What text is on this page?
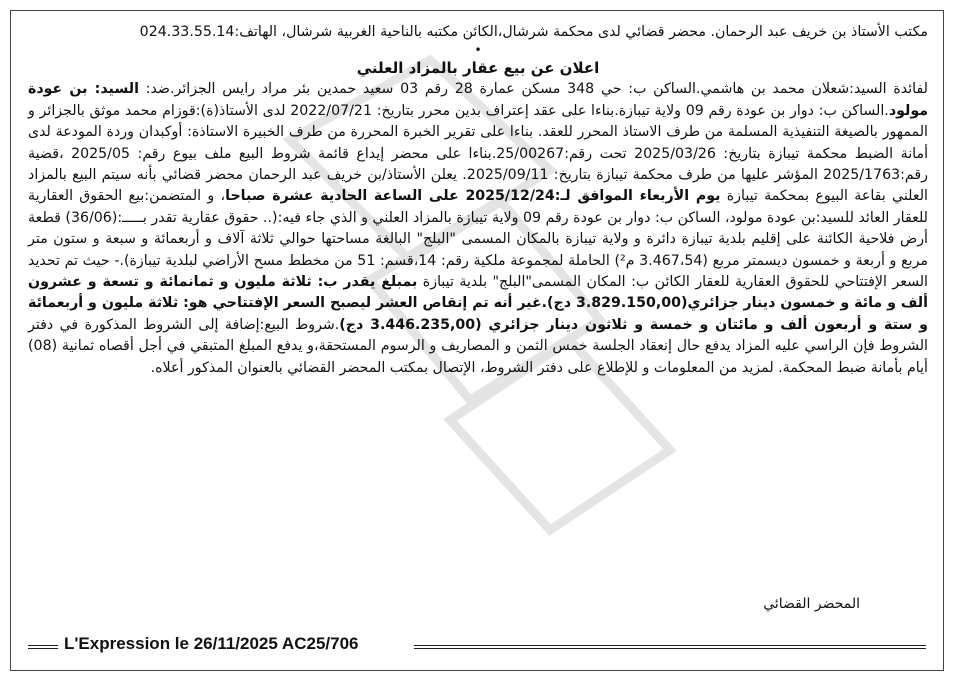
مكتب الأستاذ بن خريف عبد الرحمان. محضر قضائي لدى محكمة شرشال،الكائن مكتبه بالناحية الغربية شرشال، الهاتف:024.33.55.14

•

اعلان عن بيع عقار بالمزاد العلني

لفائدة السيد:شعلان محمد بن هاشمي.الساكن ب: حي 348 مسكن عمارة 28 رقم 03 سعيد حمدين بئر مراد رايس الجزائر.ضد: السيد: بن عودة مولود.الساكن ب: دوار بن عودة رقم 09 ولاية تيبازة.بناءا على عقد إعتراف بدين محرر بتاريخ: 2022/07/21 لدى الأستاذ(ة):قوزام محمد موثق بالجزائر و الممهور بالصيغة التنفيذية المسلمة من طرف الاستاذ المحرر للعقد. بناءا على تقرير الخبرة المحررة من طرف الخبيرة الاستاذة: أوكبدان وردة المودعة لدى أمانة الضبط محكمة تيبازة بتاريخ: 2025/03/26 تحت رقم:25/00267.بناءا على محضر إيداع قائمة شروط البيع ملف بيوع رقم: 2025/05 ،قضية رقم:2025/1763 المؤشر عليها من طرف محكمة تيبازة بتاريخ: 2025/09/11. يعلن الأستاذ/بن خريف عبد الرحمان محضر قضائي بأنه سيتم البيع بالمزاد العلني بقاعة البيوع بمحكمة تيبازة يوم الأربعاء الموافق لـ:2025/12/24 على الساعة الحادية عشرة صباحا، و المتضمن:بيع الحقوق العقارية للعقار العائد للسيد:بن عودة مولود، الساكن ب: دوار بن عودة رقم 09 ولاية تيبازة بالمزاد العلني و الذي جاء فيه:(.. حقوق عقارية تقدر بـــــ:(36/06) قطعة أرض فلاحية الكائنة على إقليم بلدية تيبازة دائرة و ولاية تيبازة بالمكان المسمى "البلج" البالغة مساحتها حوالي ثلاثة آلاف و أربعمائة و سبعة و ستون متر مربع و أربعة و خمسون ديسمتر مربع (3.467،54 م²) الحاملة لمجموعة ملكية رقم: 14،قسم: 51 من مخطط مسح الأراضي لبلدية تيبازة).- حيث تم تحديد السعر الإفتتاحي للحقوق العقارية للعقار الكائن ب: المكان المسمى"البلج" بلدية تيبازة بمبلغ يقدر ب: ثلاثة مليون و ثمانمائة و تسعة و عشرون ألف و مائة و خمسون دينار جزائري(3.829.150,00 دج).غير أنه تم إنقاص العشر ليصبح السعر الإفتتاحي هو: ثلاثة مليون و أربعمائة و ستة و أربعون ألف و مائتان و خمسة و ثلاثون دينار جزائري (3.446.235,00 دج).شروط البيع:إضافة إلى الشروط المذكورة في دفتر الشروط فإن الراسي عليه المزاد يدفع حال إنعقاد الجلسة خمس الثمن و المصاريف و الرسوم المستحقة،و يدفع المبلغ المتبقي في أجل أقصاه ثمانية (08) أيام بأمانة ضبط المحكمة. لمزيد من المعلومات و للإطلاع على دفتر الشروط، الإتصال بمكتب المحضر القضائي بالعنوان المذكور أعلاه.

المحضر القضائي
L'Expression le 26/11/2025 AC25/706
